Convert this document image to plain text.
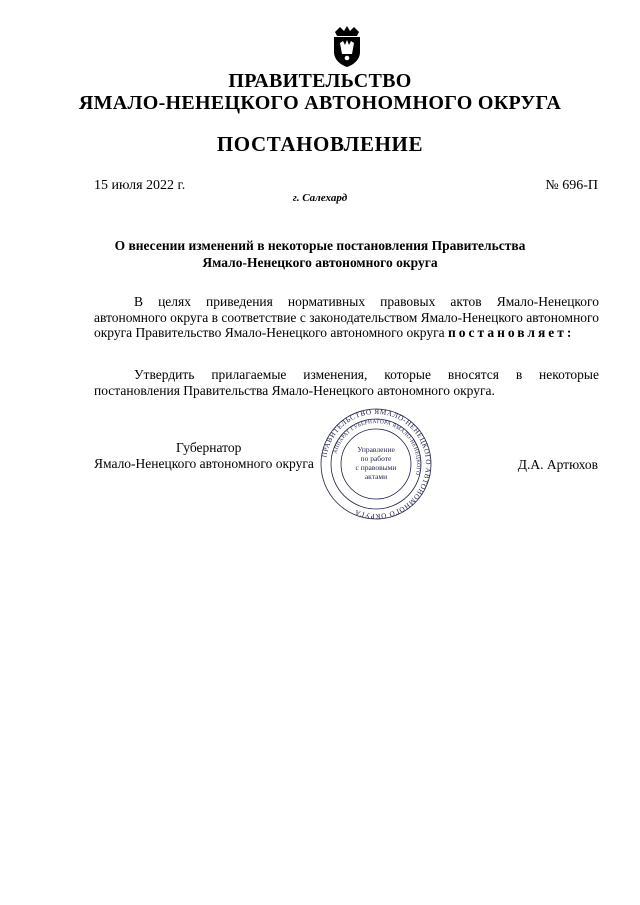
ПРАВИТЕЛЬСТВО
ЯМАЛО-НЕНЕЦКОГО АВТОНОМНОГО ОКРУГА
ПОСТАНОВЛЕНИЕ
15 июля 2022 г.	№ 696-П
г. Салехард
О внесении изменений в некоторые постановления Правительства
Ямало-Ненецкого автономного округа

В целях приведения нормативных правовых актов Ямало-Ненецкого автономного округа в соответствие с законодательством Ямало-Ненецкого автономного округа Правительство Ямало-Ненецкого автономного округа постановляет:

Утвердить прилагаемые изменения, которые вносятся в некоторые постановления Правительства Ямало-Ненецкого автономного округа.

Губернатор
Ямало-Ненецкого автономного округа	Д.А. Артюхов
ПРАВИТЕЛЬСТВО ЯМАЛО-НЕНЕЦКОГО АВТОНОМНОГО ОКРУГА
АППАРАТ ГУБЕРНАТОРА ЯМАЛО-НЕНЕЦКОГО
Управление
по работе
с правовыми
актами
